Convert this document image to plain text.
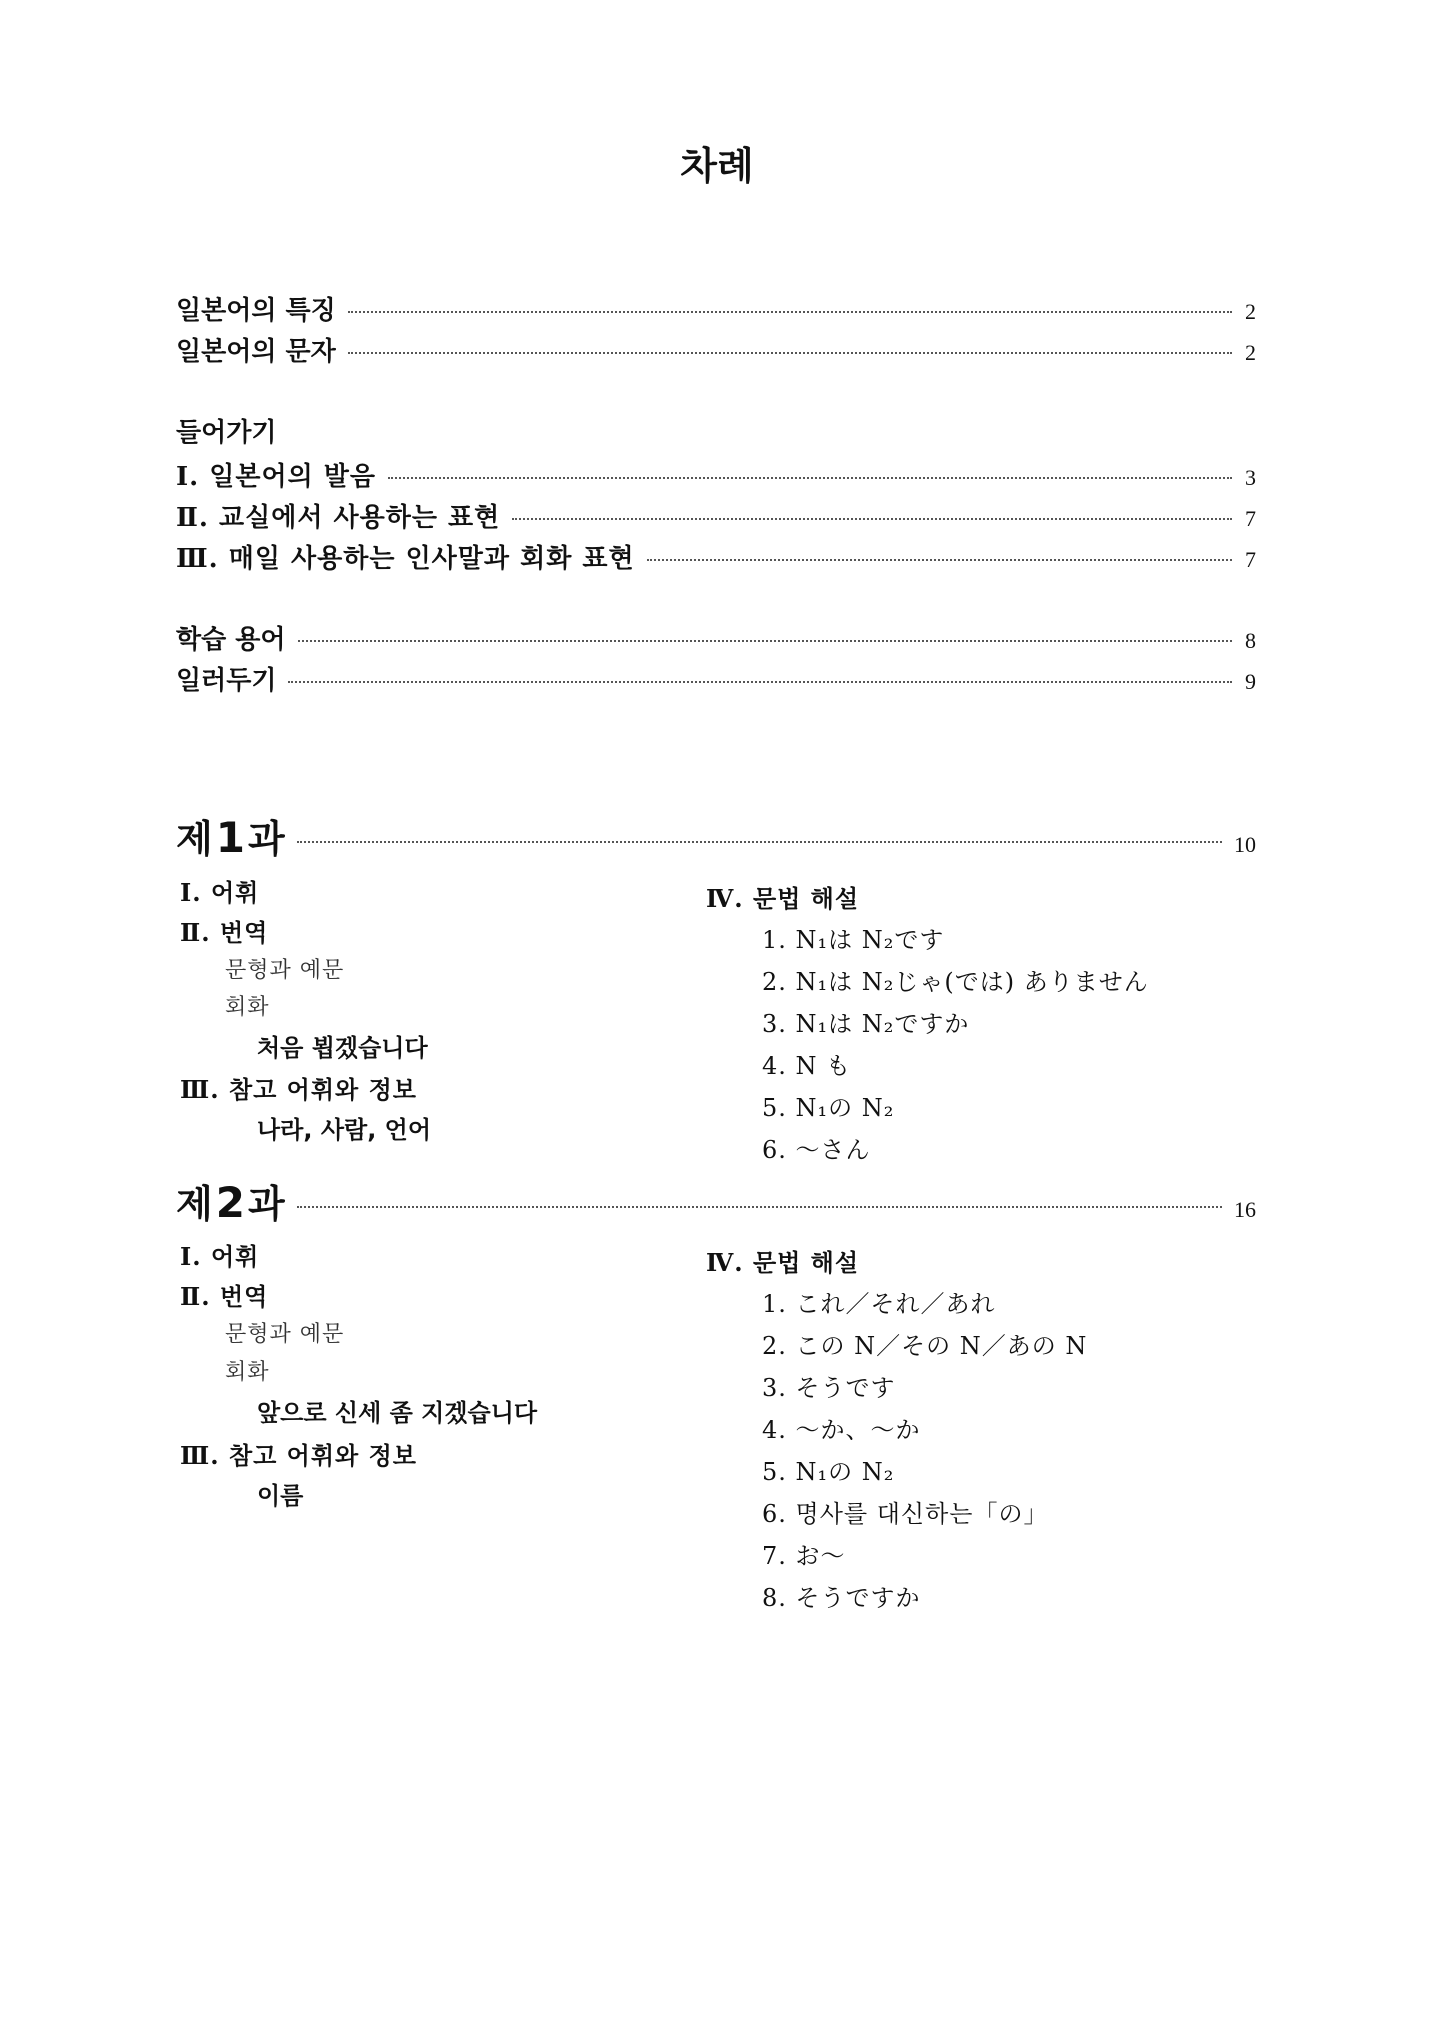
차례
일본어의 특징	2
일본어의 문자	2
들어가기
Ⅰ. 일본어의 발음	3
Ⅱ. 교실에서 사용하는 표현	7
Ⅲ. 매일 사용하는 인사말과 회화 표현	7
학습 용어	8
일러두기	9
제1과	10
Ⅰ. 어휘
Ⅱ. 번역
문형과 예문
회화
처음 뵙겠습니다
Ⅲ. 참고 어휘와 정보
나라, 사람, 언어
Ⅳ. 문법 해설
1. N₁は N₂です
2. N₁は N₂じゃ(では) ありません
3. N₁は N₂ですか
4. N も
5. N₁の N₂
6. ～さん
제2과	16
Ⅰ. 어휘
Ⅱ. 번역
문형과 예문
회화
앞으로 신세 좀 지겠습니다
Ⅲ. 참고 어휘와 정보
이름
Ⅳ. 문법 해설
1. これ／それ／あれ
2. この N／その N／あの N
3. そうです
4. ～か、～か
5. N₁の N₂
6. 명사를 대신하는「の」
7. お～
8. そうですか
